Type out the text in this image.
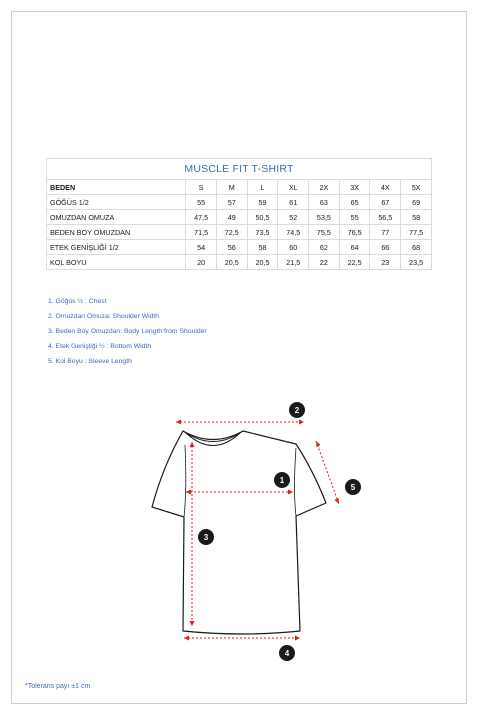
MUSCLE FIT T-SHIRT								
BEDEN	S	M	L	XL	2X	3X	4X	5X
GÖĞÜS 1/2	55	57	59	61	63	65	67	69
OMUZDAN OMUZA	47,5	49	50,5	52	53,5	55	56,5	58
BEDEN BOY OMUZDAN	71,5	72,5	73,5	74,5	75,5	76,5	77	77,5
ETEK GENİŞLİĞİ 1/2	54	56	58	60	62	64	66	68
KOL BOYU	20	20,5	20,5	21,5	22	22,5	23	23,5
1. Göğüs ½ : Chest
2. Omuzdan Omuza: Shoulder Width
3. Beden Boy Omuzdan: Body Length from Shoulder
4. Etek Genişliği ½ : Bottom Width
5. Kol Boyu : Sleeve Length
1
2
3
4
5
*Tolerans payı ±1 cm
